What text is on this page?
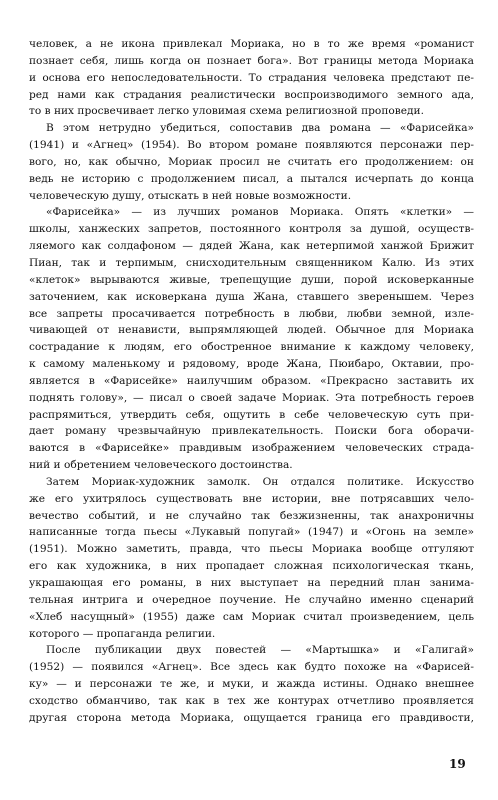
человек, а не икона привлекал Мориака, но в то же время «романист
познает себя, лишь когда он познает бога». Вот границы метода Мориака
и основа его непоследовательности. То страдания человека предстают пе-
ред нами как страдания реалистически воспроизводимого земного ада,
то в них просвечивает легко уловимая схема религиозной проповеди.
В этом нетрудно убедиться, сопоставив два романа — «Фарисейка»
(1941) и «Агнец» (1954). Во втором романе появляются персонажи пер-
вого, но, как обычно, Мориак просил не считать его продолжением: он
ведь не историю с продолжением писал, а пытался исчерпать до конца
человеческую душу, отыскать в ней новые возможности.
«Фарисейка» — из лучших романов Мориака. Опять «клетки» —
школы, ханжеских запретов, постоянного контроля за душой, осуществ-
ляемого как солдафоном — дядей Жана, как нетерпимой ханжой Брижит
Пиан, так и терпимым, снисходительным священником Калю. Из этих
«клеток» вырываются живые, трепещущие души, порой исковерканные
заточением, как исковеркана душа Жана, ставшего зверенышем. Через
все запреты просачивается потребность в любви, любви земной, изле-
чивающей от ненависти, выпрямляющей людей. Обычное для Мориака
сострадание к людям, его обостренное внимание к каждому человеку,
к самому маленькому и рядовому, вроде Жана, Пюибаро, Октавии, про-
является в «Фарисейке» наилучшим образом. «Прекрасно заставить их
поднять голову», — писал о своей задаче Мориак. Эта потребность героев
распрямиться, утвердить себя, ощутить в себе человеческую суть при-
дает роману чрезвычайную привлекательность. Поиски бога оборачи-
ваются в «Фарисейке» правдивым изображением человеческих страда-
ний и обретением человеческого достоинства.
Затем Мориак-художник замолк. Он отдался политике. Искусство
же его ухитрялось существовать вне истории, вне потрясавших чело-
вечество событий, и не случайно так безжизненны, так анахроничны
написанные тогда пьесы «Лукавый попугай» (1947) и «Огонь на земле»
(1951). Можно заметить, правда, что пьесы Мориака вообще отгуляют
его как художника, в них пропадает сложная психологическая ткань,
украшающая его романы, в них выступает на передний план занима-
тельная интрига и очередное поучение. Не случайно именно сценарий
«Хлеб насущный» (1955) даже сам Мориак считал произведением, цель
которого — пропаганда религии.
После публикации двух повестей — «Мартышка» и «Галигай»
(1952) — появился «Агнец». Все здесь как будто похоже на «Фарисей-
ку» — и персонажи те же, и муки, и жажда истины. Однако внешнее
сходство обманчиво, так как в тех же контурах отчетливо проявляется
другая сторона метода Мориака, ощущается граница его правдивости,
19
